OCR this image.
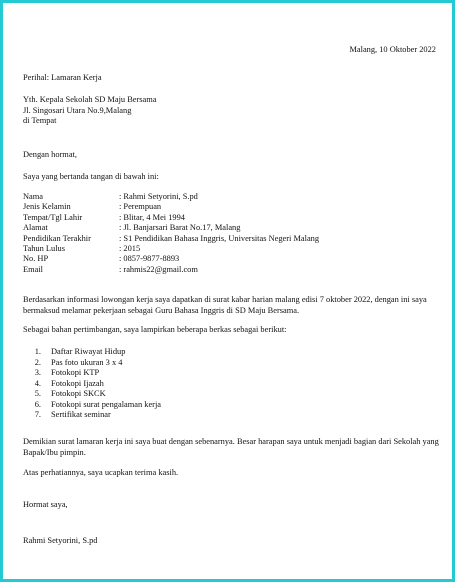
Malang, 10 Oktober 2022
Perihal: Lamaran Kerja
Yth. Kepala Sekolah SD Maju Bersama
Jl. Singosari Utara No.9,Malang
di Tempat
Dengan hormat,
Saya yang bertanda tangan di bawah ini:
Nama	: Rahmi Setyorini, S.pd
Jenis Kelamin	: Perempuan
Tempat/Tgl Lahir	: Blitar, 4 Mei 1994
Alamat	: Jl. Banjarsari Barat No.17, Malang
Pendidikan Terakhir	: S1 Pendidikan Bahasa Inggris, Universitas Negeri Malang
Tahun Lulus	: 2015
No. HP	: 0857-9877-8893
Email	: rahmis22@gmail.com
Berdasarkan informasi lowongan kerja saya dapatkan di surat kabar harian malang edisi 7 oktober 2022, dengan ini saya bermaksud melamar pekerjaan sebagai Guru Bahasa Inggris di SD Maju Bersama.
Sebagai bahan pertimbangan, saya lampirkan beberapa berkas sebagai berikut:
1. Daftar Riwayat Hidup
2. Pas foto ukuran 3 x 4
3. Fotokopi KTP
4. Fotokopi Ijazah
5. Fotokopi SKCK
6. Fotokopi surat pengalaman kerja
7. Sertifikat seminar
Demikian surat lamaran kerja ini saya buat dengan sebenarnya. Besar harapan saya untuk menjadi bagian dari Sekolah yang Bapak/Ibu pimpin.
Atas perhatiannya, saya ucapkan terima kasih.
Hormat saya,
Rahmi Setyorini, S.pd
